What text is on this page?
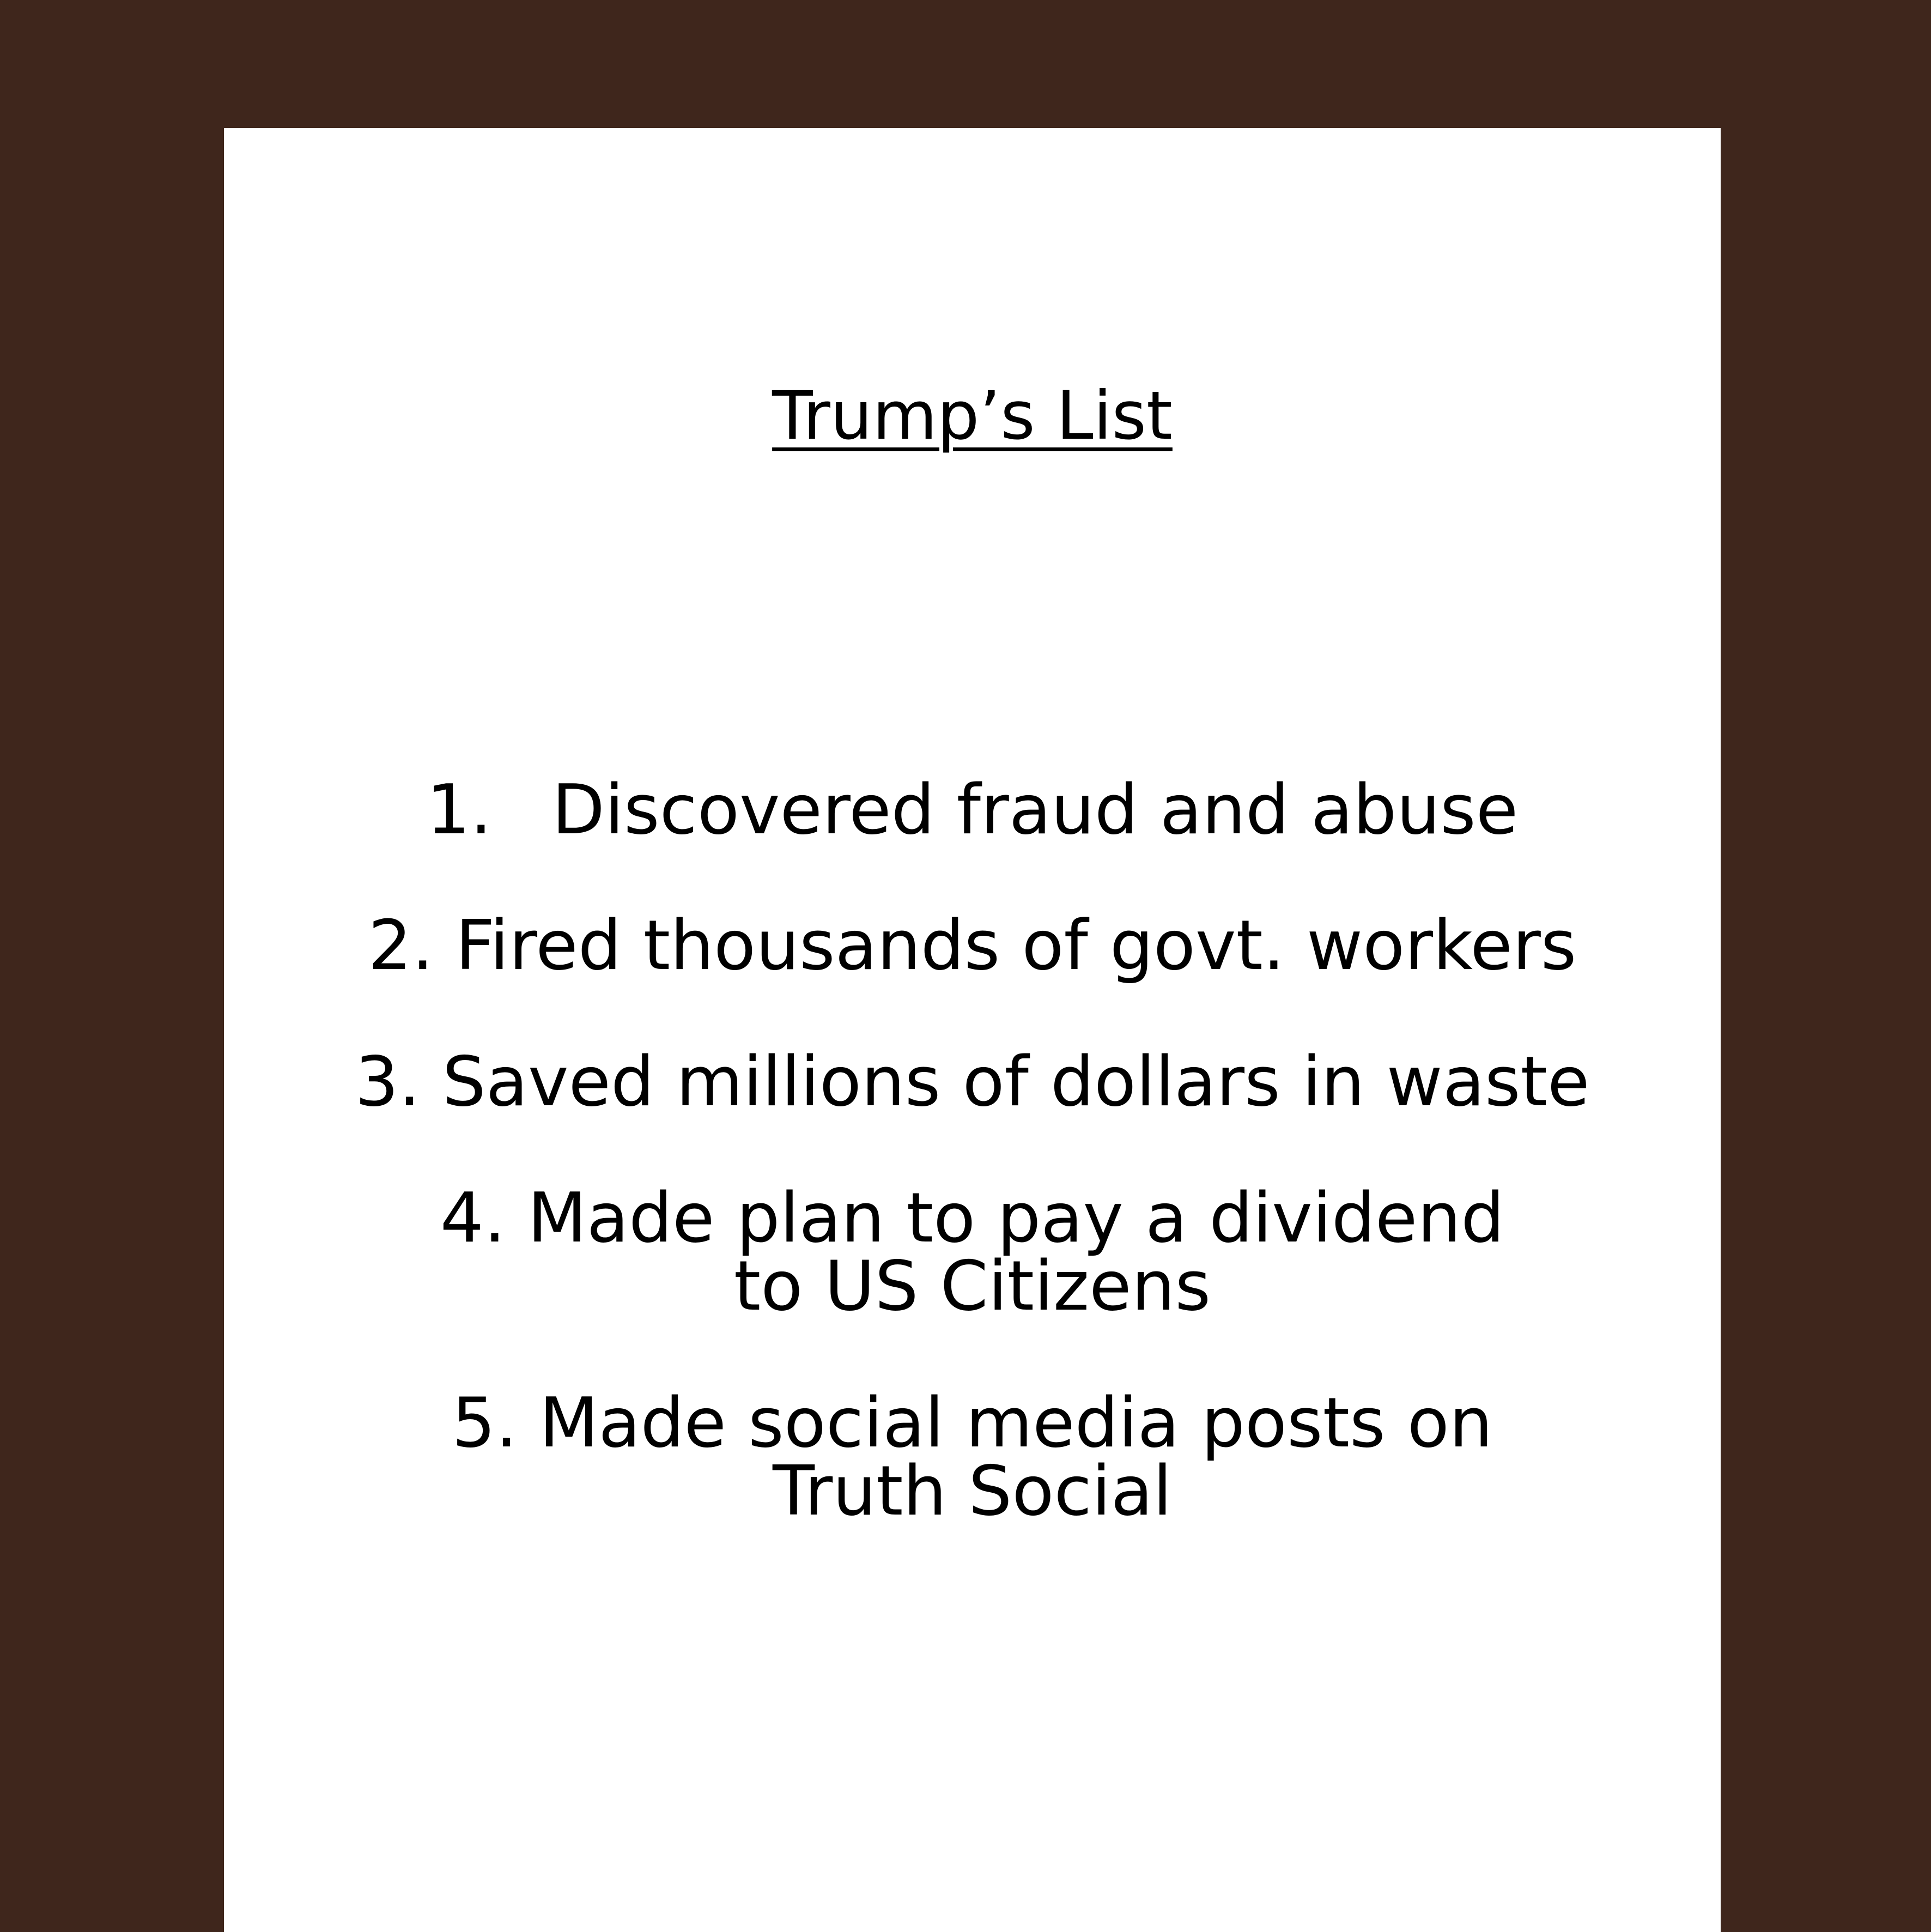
Trump’s List

1. Discovered fraud and abuse

2. Fired thousands of govt. workers

3. Saved millions of dollars in waste

4. Made plan to pay a dividend
to US Citizens

5. Made social media posts on
Truth Social
